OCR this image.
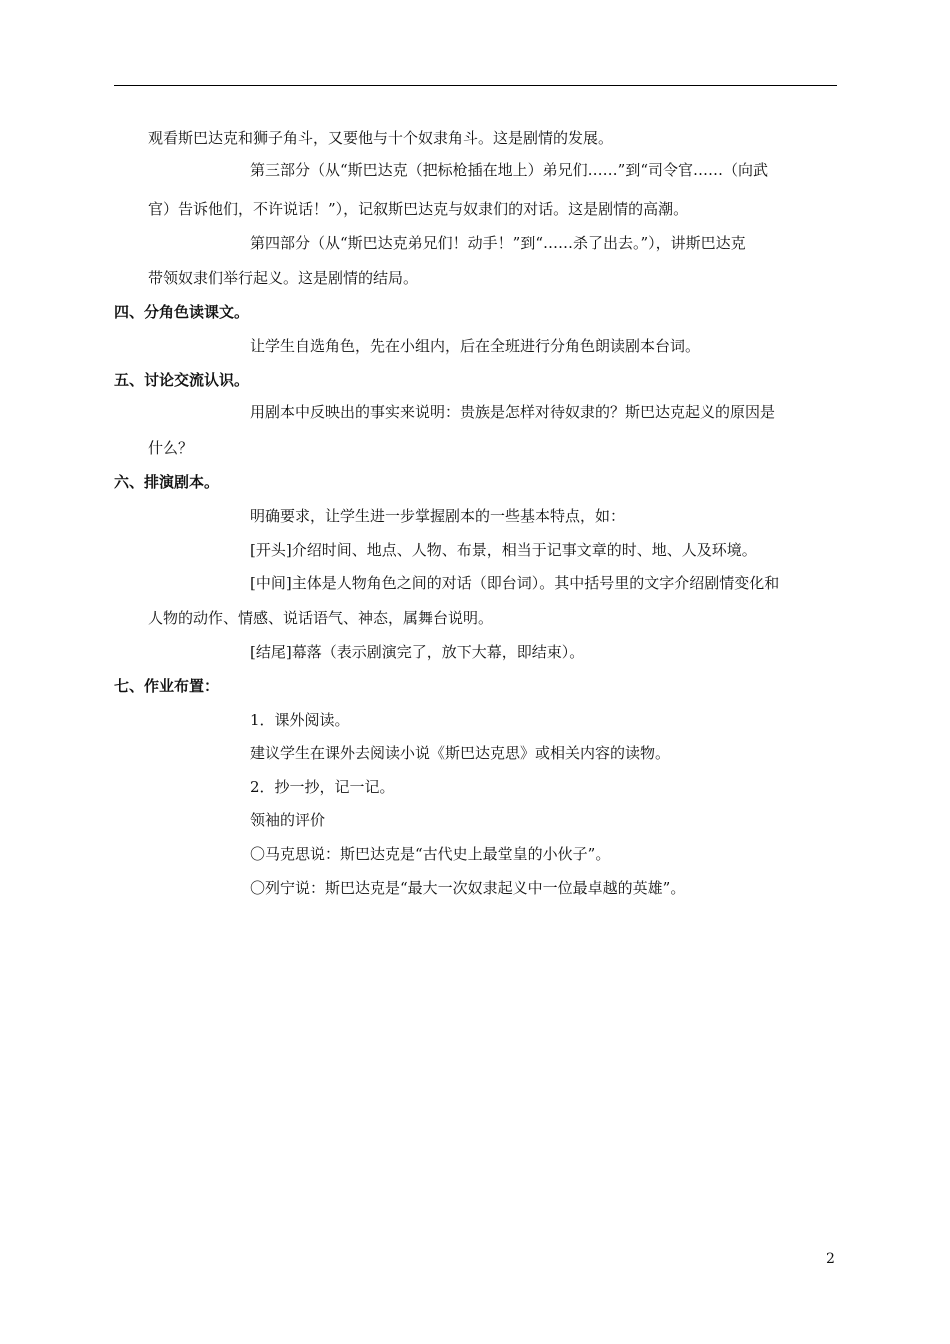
观看斯巴达克和狮子角斗，又要他与十个奴隶角斗。这是剧情的发展。
第三部分（从“斯巴达克（把标枪插在地上）弟兄们……”到“司令官……（向武
官）告诉他们，不许说话！”），记叙斯巴达克与奴隶们的对话。这是剧情的高潮。
第四部分（从“斯巴达克弟兄们！动手！”到“……杀了出去。”），讲斯巴达克
带领奴隶们举行起义。这是剧情的结局。
四、分角色读课文。
让学生自选角色，先在小组内，后在全班进行分角色朗读剧本台词。
五、讨论交流认识。
用剧本中反映出的事实来说明：贵族是怎样对待奴隶的？斯巴达克起义的原因是
什么？
六、排演剧本。
明确要求，让学生进一步掌握剧本的一些基本特点，如：
[开头]介绍时间、地点、人物、布景，相当于记事文章的时、地、人及环境。
[中间]主体是人物角色之间的对话（即台词）。其中括号里的文字介绍剧情变化和
人物的动作、情感、说话语气、神态，属舞台说明。
[结尾]幕落（表示剧演完了，放下大幕，即结束）。
七、作业布置：
1．课外阅读。
建议学生在课外去阅读小说《斯巴达克思》或相关内容的读物。
2．抄一抄，记一记。
领袖的评价
〇马克思说：斯巴达克是“古代史上最堂皇的小伙子”。
〇列宁说：斯巴达克是“最大一次奴隶起义中一位最卓越的英雄”。
2
